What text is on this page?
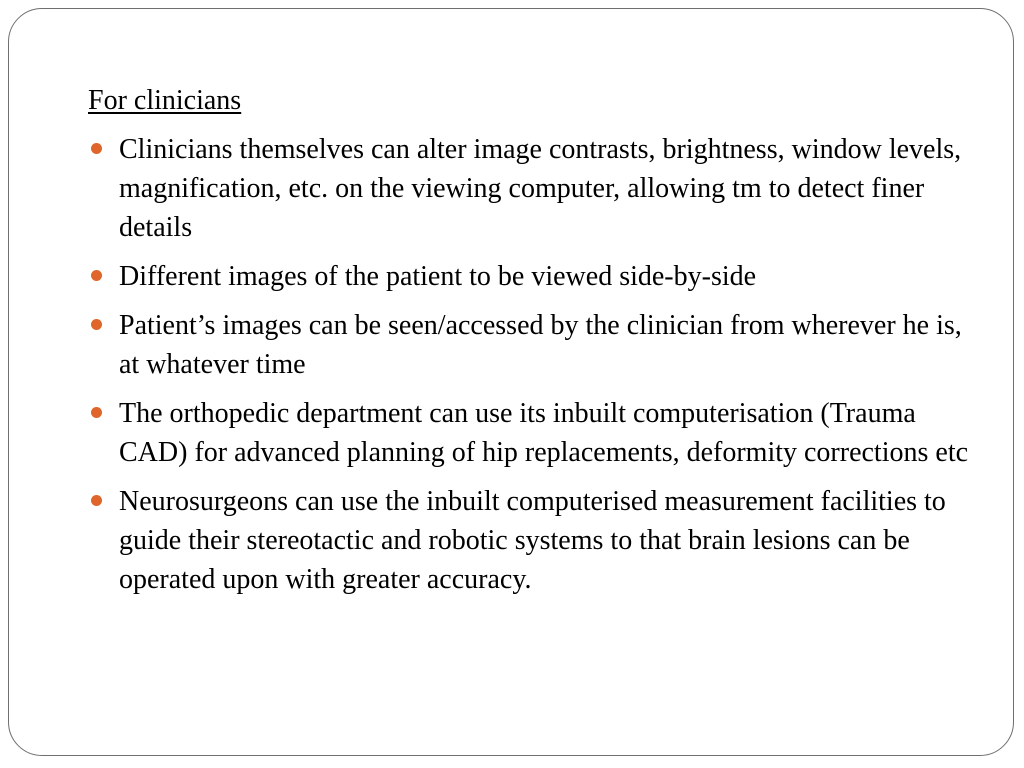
For clinicians
Clinicians themselves can alter image contrasts, brightness, window levels, magnification, etc. on the viewing computer, allowing tm to detect finer details
Different images of the patient to be viewed side-by-side
Patient’s images can be seen/accessed by the clinician from wherever he is, at whatever time
The orthopedic department can use its inbuilt computerisation (Trauma CAD) for advanced planning of hip replacements, deformity corrections etc
Neurosurgeons can use the inbuilt computerised measurement facilities to guide their stereotactic and robotic systems to that brain lesions can be operated upon with greater accuracy.
